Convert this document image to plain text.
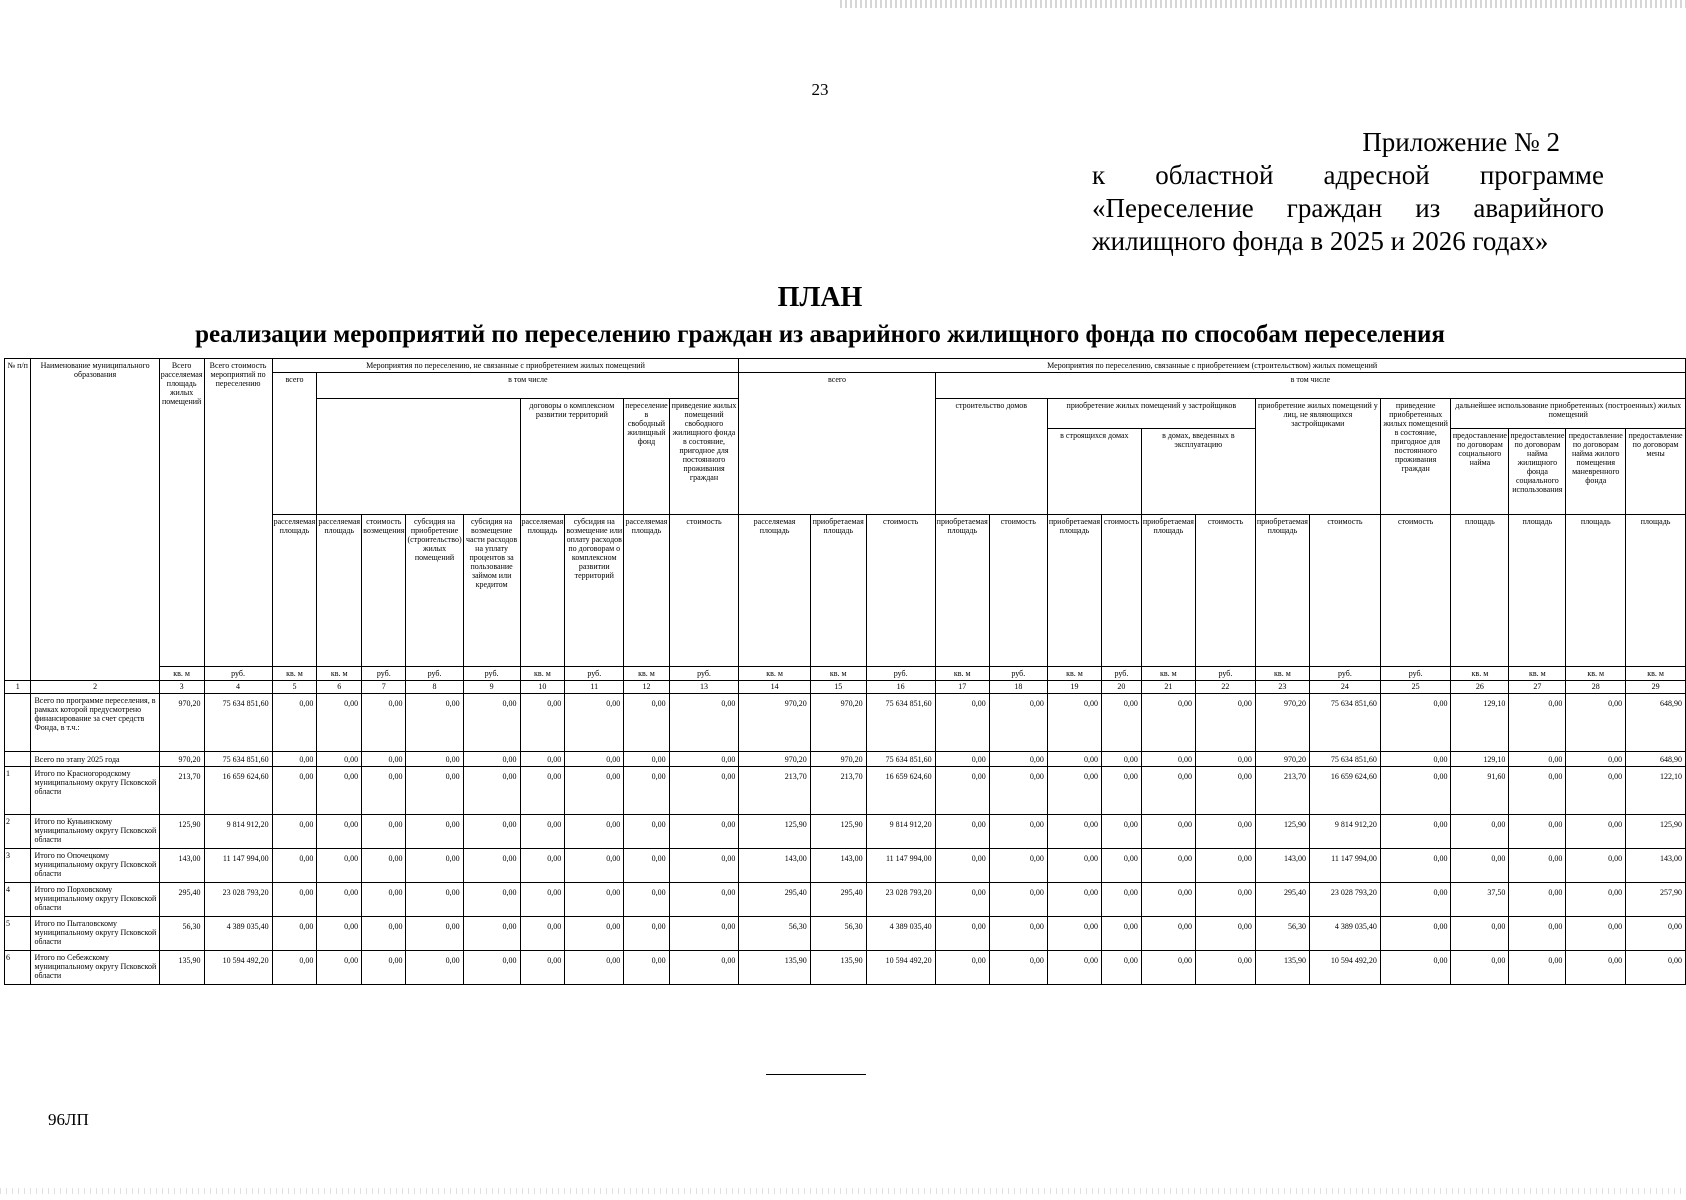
23
Приложение № 2
к областной адресной программе
«Переселение граждан из аварийного
жилищного фонда в 2025 и 2026 годах»
ПЛАН
реализации мероприятий по переселению граждан из аварийного жилищного фонда по способам переселения
№ п/п	Наименование муниципального образования	Всего расселяемая площадь жилых помещений	Всего стоимость мероприятий по переселению	Мероприятия по переселению, не связанные с приобретением жилых помещений									Мероприятия по переселению, связанные с приобретением (строительством) жилых помещений															
				всего	в том числе								всего			в том числе												
									договоры о комплексном развитии территорий		переселение в свободный жилищный фонд	приведение жилых помещений свободного жилищного фонда в состояние, пригодное для постоянного проживания граждан				строительство домов		приобретение жилых помещений у застройщиков				приобретение жилых помещений у лиц, не являющихся застройщиками		приведение приобретенных жилых помещений в состояние, пригодное для постоянного проживания граждан	дальнейшее использование приобретенных (построенных) жилых помещений			
																		в строящихся домах		в домах, введенных в эксплуатацию					предоставление по договорам социального найма	предоставление по договорам найма жилищного фонда социального использования	предоставление по договорам найма жилого помещения маневренного фонда	предоставление по договорам мены
				расселяемая площадь	расселяемая площадь	стоимость возмещения	субсидия на приобретение (строительство) жилых помещений	субсидия на возмещение части расходов на уплату процентов за пользование займом или кредитом	расселяемая площадь	субсидия на возмещение или оплату расходов по договорам о комплексном развитии территорий	расселяемая площадь	стоимость	расселяемая площадь	приобретаемая площадь	стоимость	приобретаемая площадь	стоимость	приобретаемая площадь	стоимость	приобретаемая площадь	стоимость	приобретаемая площадь	стоимость	стоимость	площадь	площадь	площадь	площадь
		кв. м	руб.	кв. м	кв. м	руб.	руб.	руб.	кв. м	руб.	кв. м	руб.	кв. м	кв. м	руб.	кв. м	руб.	кв. м	руб.	кв. м	руб.	кв. м	руб.	руб.	кв. м	кв. м	кв. м	кв. м
1	2	3	4	5	6	7	8	9	10	11	12	13	14	15	16	17	18	19	20	21	22	23	24	25	26	27	28	29
	Всего по программе переселения, в рамках которой предусмотрено финансирование за счет средств Фонда, в т.ч.:	970,20	75 634 851,60	0,00	0,00	0,00	0,00	0,00	0,00	0,00	0,00	0,00	970,20	970,20	75 634 851,60	0,00	0,00	0,00	0,00	0,00	0,00	970,20	75 634 851,60	0,00	129,10	0,00	0,00	648,90
	Всего по этапу 2025 года	970,20	75 634 851,60	0,00	0,00	0,00	0,00	0,00	0,00	0,00	0,00	0,00	970,20	970,20	75 634 851,60	0,00	0,00	0,00	0,00	0,00	0,00	970,20	75 634 851,60	0,00	129,10	0,00	0,00	648,90
1	Итого по Красногородскому муниципальному округу Псковской области	213,70	16 659 624,60	0,00	0,00	0,00	0,00	0,00	0,00	0,00	0,00	0,00	213,70	213,70	16 659 624,60	0,00	0,00	0,00	0,00	0,00	0,00	213,70	16 659 624,60	0,00	91,60	0,00	0,00	122,10
2	Итого по Куньинскому муниципальному округу Псковской области	125,90	9 814 912,20	0,00	0,00	0,00	0,00	0,00	0,00	0,00	0,00	0,00	125,90	125,90	9 814 912,20	0,00	0,00	0,00	0,00	0,00	0,00	125,90	9 814 912,20	0,00	0,00	0,00	0,00	125,90
3	Итого по Опочецкому муниципальному округу Псковской области	143,00	11 147 994,00	0,00	0,00	0,00	0,00	0,00	0,00	0,00	0,00	0,00	143,00	143,00	11 147 994,00	0,00	0,00	0,00	0,00	0,00	0,00	143,00	11 147 994,00	0,00	0,00	0,00	0,00	143,00
4	Итого по Порховскому муниципальному округу Псковской области	295,40	23 028 793,20	0,00	0,00	0,00	0,00	0,00	0,00	0,00	0,00	0,00	295,40	295,40	23 028 793,20	0,00	0,00	0,00	0,00	0,00	0,00	295,40	23 028 793,20	0,00	37,50	0,00	0,00	257,90
5	Итого по Пыталовскому муниципальному округу Псковской области	56,30	4 389 035,40	0,00	0,00	0,00	0,00	0,00	0,00	0,00	0,00	0,00	56,30	56,30	4 389 035,40	0,00	0,00	0,00	0,00	0,00	0,00	56,30	4 389 035,40	0,00	0,00	0,00	0,00	0,00
6	Итого по Себежскому муниципальному округу Псковской области	135,90	10 594 492,20	0,00	0,00	0,00	0,00	0,00	0,00	0,00	0,00	0,00	135,90	135,90	10 594 492,20	0,00	0,00	0,00	0,00	0,00	0,00	135,90	10 594 492,20	0,00	0,00	0,00	0,00	0,00
96ЛП
